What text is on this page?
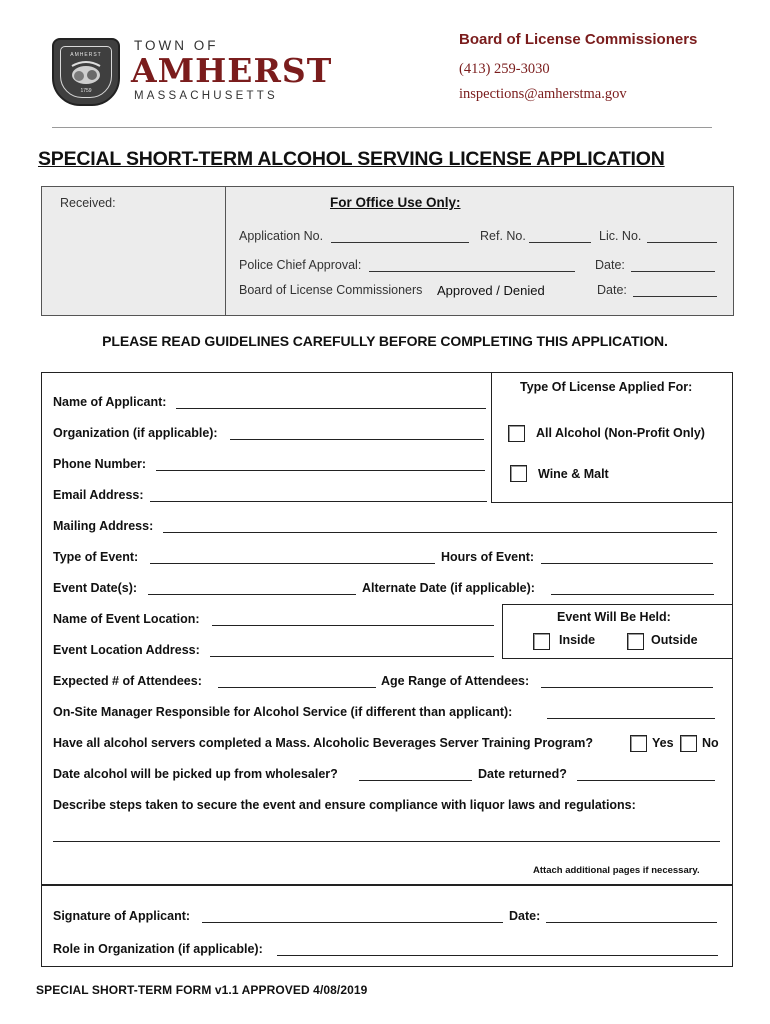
AMHERST
1759
TOWN OF
AMHERST
MASSACHUSETTS
Board of License Commissioners
(413) 259-3030
inspections@amherstma.gov
SPECIAL SHORT-TERM ALCOHOL SERVING LICENSE APPLICATION
Received:	For Office Use Only:
Application No.	Ref. No.	Lic. No.
Police Chief Approval:	Date:
Board of License Commissioners Approved / Denied	Date:
PLEASE READ GUIDELINES CAREFULLY BEFORE COMPLETING THIS APPLICATION.
Type Of License Applied For:
All Alcohol (Non-Profit Only)
Wine & Malt
Name of Applicant:
Organization (if applicable):
Phone Number:
Email Address:
Mailing Address:
Type of Event:	Hours of Event:
Event Date(s):	Alternate Date (if applicable):
Name of Event Location:
Event Location Address:
Event Will Be Held:
Inside	Outside
Expected # of Attendees:	Age Range of Attendees:
On-Site Manager Responsible for Alcohol Service (if different than applicant):
Have all alcohol servers completed a Mass. Alcoholic Beverages Server Training Program?	Yes No
Date alcohol will be picked up from wholesaler?	Date returned?
Describe steps taken to secure the event and ensure compliance with liquor laws and regulations:
Attach additional pages if necessary.
Signature of Applicant:	Date:
Role in Organization (if applicable):
SPECIAL SHORT-TERM FORM v1.1 APPROVED 4/08/2019
